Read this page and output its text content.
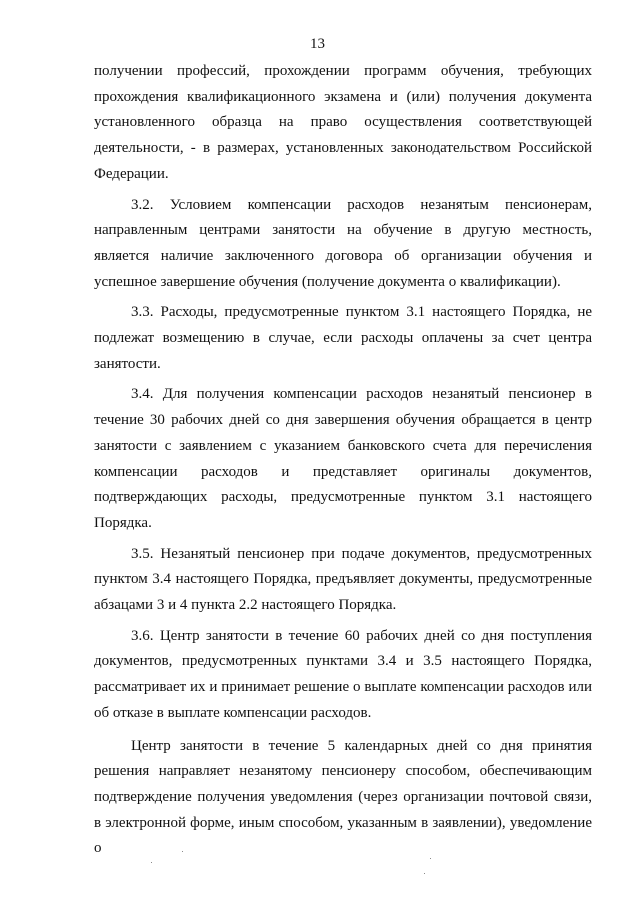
13

получении профессий, прохождении программ обучения, требующих прохождения квалификационного экзамена и (или) получения документа установленного образца на право осуществления соответствующей деятельности, - в размерах, установленных законодательством Российской Федерации.

3.2. Условием компенсации расходов незанятым пенсионерам, направленным центрами занятости на обучение в другую местность, является наличие заключенного договора об организации обучения и успешное завершение обучения (получение документа о квалификации).

3.3. Расходы, предусмотренные пунктом 3.1 настоящего Порядка, не подлежат возмещению в случае, если расходы оплачены за счет центра занятости.

3.4. Для получения компенсации расходов незанятый пенсионер в течение 30 рабочих дней со дня завершения обучения обращается в центр занятости с заявлением с указанием банковского счета для перечисления компенсации расходов и представляет оригиналы документов, подтверждающих расходы, предусмотренные пунктом 3.1 настоящего Порядка.

3.5. Незанятый пенсионер при подаче документов, предусмотренных пунктом 3.4 настоящего Порядка, предъявляет документы, предусмотренные абзацами 3 и 4 пункта 2.2 настоящего Порядка.

3.6. Центр занятости в течение 60 рабочих дней со дня поступления документов, предусмотренных пунктами 3.4 и 3.5 настоящего Порядка, рассматривает их и принимает решение о выплате компенсации расходов или об отказе в выплате компенсации расходов.

Центр занятости в течение 5 календарных дней со дня принятия решения направляет незанятому пенсионеру способом, обеспечивающим подтверждение получения уведомления (через организации почтовой связи, в электронной форме, иным способом, указанным в заявлении), уведомление о
